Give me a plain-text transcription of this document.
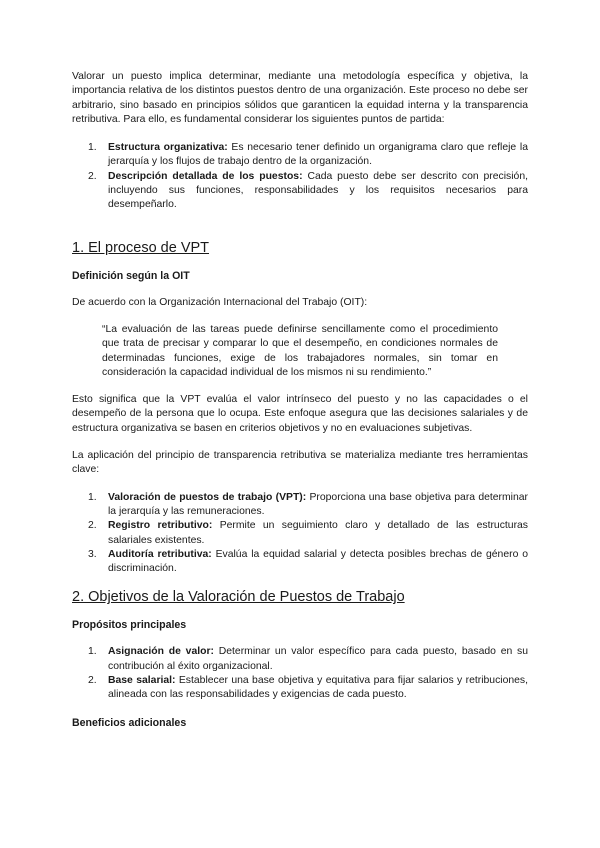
Valorar un puesto implica determinar, mediante una metodología específica y objetiva, la importancia relativa de los distintos puestos dentro de una organización. Este proceso no debe ser arbitrario, sino basado en principios sólidos que garanticen la equidad interna y la transparencia retributiva. Para ello, es fundamental considerar los siguientes puntos de partida:

1. Estructura organizativa: Es necesario tener definido un organigrama claro que refleje la jerarquía y los flujos de trabajo dentro de la organización.
2. Descripción detallada de los puestos: Cada puesto debe ser descrito con precisión, incluyendo sus funciones, responsabilidades y los requisitos necesarios para desempeñarlo.
1. El proceso de VPT
Definición según la OIT

De acuerdo con la Organización Internacional del Trabajo (OIT):

“La evaluación de las tareas puede definirse sencillamente como el procedimiento que trata de precisar y comparar lo que el desempeño, en condiciones normales de determinadas funciones, exige de los trabajadores normales, sin tomar en consideración la capacidad individual de los mismos ni su rendimiento.”

Esto significa que la VPT evalúa el valor intrínseco del puesto y no las capacidades o el desempeño de la persona que lo ocupa. Este enfoque asegura que las decisiones salariales y de estructura organizativa se basen en criterios objetivos y no en evaluaciones subjetivas.

La aplicación del principio de transparencia retributiva se materializa mediante tres herramientas clave:

1. Valoración de puestos de trabajo (VPT): Proporciona una base objetiva para determinar la jerarquía y las remuneraciones.
2. Registro retributivo: Permite un seguimiento claro y detallado de las estructuras salariales existentes.
3. Auditoría retributiva: Evalúa la equidad salarial y detecta posibles brechas de género o discriminación.
2. Objetivos de la Valoración de Puestos de Trabajo
Propósitos principales
1. Asignación de valor: Determinar un valor específico para cada puesto, basado en su contribución al éxito organizacional.
2. Base salarial: Establecer una base objetiva y equitativa para fijar salarios y retribuciones, alineada con las responsabilidades y exigencias de cada puesto.
Beneficios adicionales
